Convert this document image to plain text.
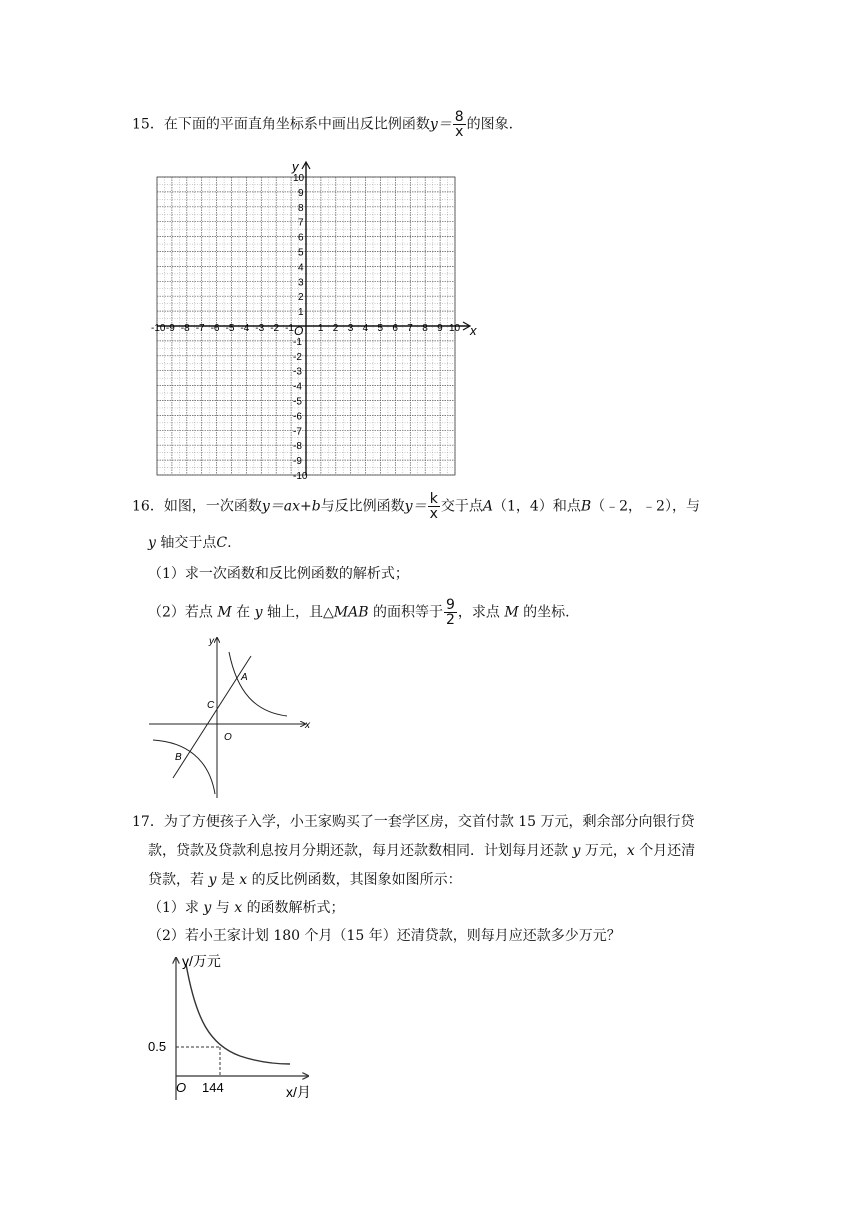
15．在下面的平面直角坐标系中画出反比例函数$y= \frac{8}{x}$ 的图象.
x
y
O
-10 -9 -8 -7 -6 -5 -4 -3 -2 -1 1 2 3 4 5 6 7 8 9 10
10
9
8
7
6
5
4
3
2
1
-1
-2
-3
-4
-5
-6
-7
-8
-9
-10
16．如图，一次函数y＝ax+b与反比例函数$y= \frac{k}{x}$ 交于点A（1，4）和点B（﹣2，﹣2），与
y 轴交于点C.
（1）求一次函数和反比例函数的解析式；
（2）若点 M 在 y 轴上，且△MAB 的面积等于 $\frac{9}{2}$ ，求点 M 的坐标.
y
x
O
A
B
C
17．为了方便孩子入学，小王家购买了一套学区房，交首付款 15 万元，剩余部分向银行贷
款，贷款及贷款利息按月分期还款，每月还款数相同．计划每月还款 y 万元，x 个月还清
贷款，若 y 是 x 的反比例函数，其图象如图所示：
（1）求 y 与 x 的函数解析式；
（2）若小王家计划 180 个月（15 年）还清贷款，则每月应还款多少万元？
y/万元
x/月
O
0.5
144
